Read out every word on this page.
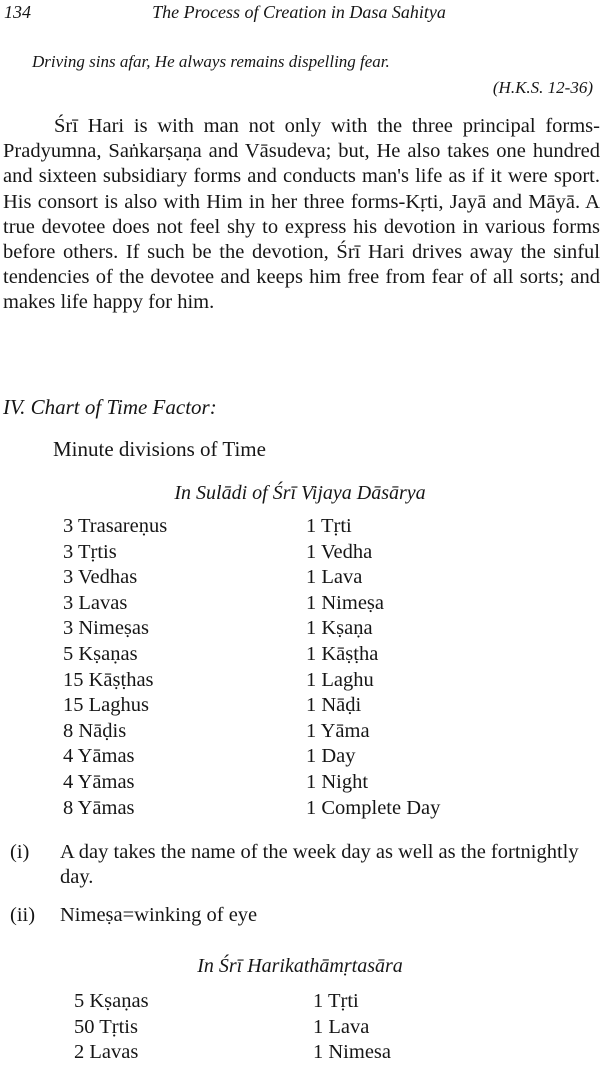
134	The Process of Creation in Dasa Sahitya
Driving sins afar, He always remains dispelling fear.
(H.K.S. 12-36)

Śrī Hari is with man not only with the three principal forms-Pradyumna, Saṅkarṣaṇa and Vāsudeva; but, He also takes one hundred and sixteen subsidiary forms and conducts man's life as if it were sport. His consort is also with Him in her three forms-Kṛti, Jayā and Māyā. A true devotee does not feel shy to express his devotion in various forms before others. If such be the devotion, Śrī Hari drives away the sinful tendencies of the devotee and keeps him free from fear of all sorts; and makes life happy for him.

IV. Chart of Time Factor:
Minute divisions of Time
In Sulādi of Śrī Vijaya Dāsārya
3 Trasareṇus	1 Tṛti
3 Tṛtis	1 Vedha
3 Vedhas	1 Lava
3 Lavas	1 Nimeṣa
3 Nimeṣas	1 Kṣaṇa
5 Kṣaṇas	1 Kāṣṭha
15 Kāṣṭhas	1 Laghu
15 Laghus	1 Nāḍi
8 Nāḍis	1 Yāma
4 Yāmas	1 Day
4 Yāmas	1 Night
8 Yāmas	1 Complete Day
(i) A day takes the name of the week day as well as the fortnightly day.
(ii) Nimeṣa=winking of eye
In Śrī Harikathāmṛtasāra
5 Kṣaṇas	1 Tṛti
50 Tṛtis	1 Lava
2 Lavas	1 Nimesa
